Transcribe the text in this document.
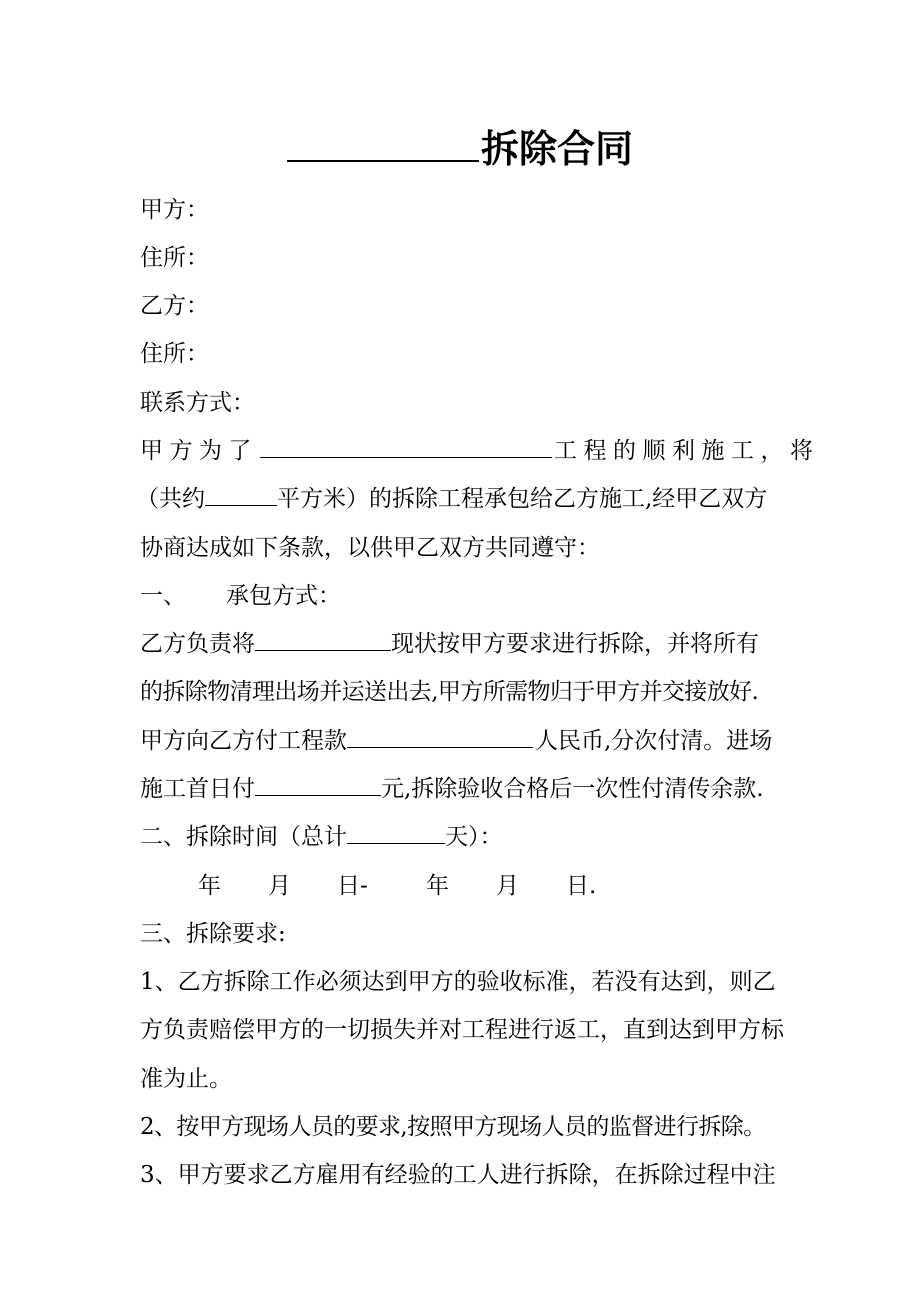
拆除合同
甲方：
住所：
乙方：
住所：
联系方式：
甲方为了	工程的顺利施工，将
（共约	平方米）的拆除工程承包给乙方施工,经甲乙双方
协商达成如下条款，以供甲乙双方共同遵守：
一、 承包方式：
乙方负责将	现状按甲方要求进行拆除，并将所有
的拆除物清理出场并运送出去,甲方所需物归于甲方并交接放好.
甲方向乙方付工程款	人民币,分次付清。进场
施工首日付	元,拆除验收合格后一次性付清传余款.
二、拆除时间（总计	天）：
年 月 日-	年 月 日.
三、拆除要求:
1、乙方拆除工作必须达到甲方的验收标准，若没有达到，则乙
方负责赔偿甲方的一切损失并对工程进行返工，直到达到甲方标
准为止。
2、按甲方现场人员的要求,按照甲方现场人员的监督进行拆除。
3、甲方要求乙方雇用有经验的工人进行拆除，在拆除过程中注
